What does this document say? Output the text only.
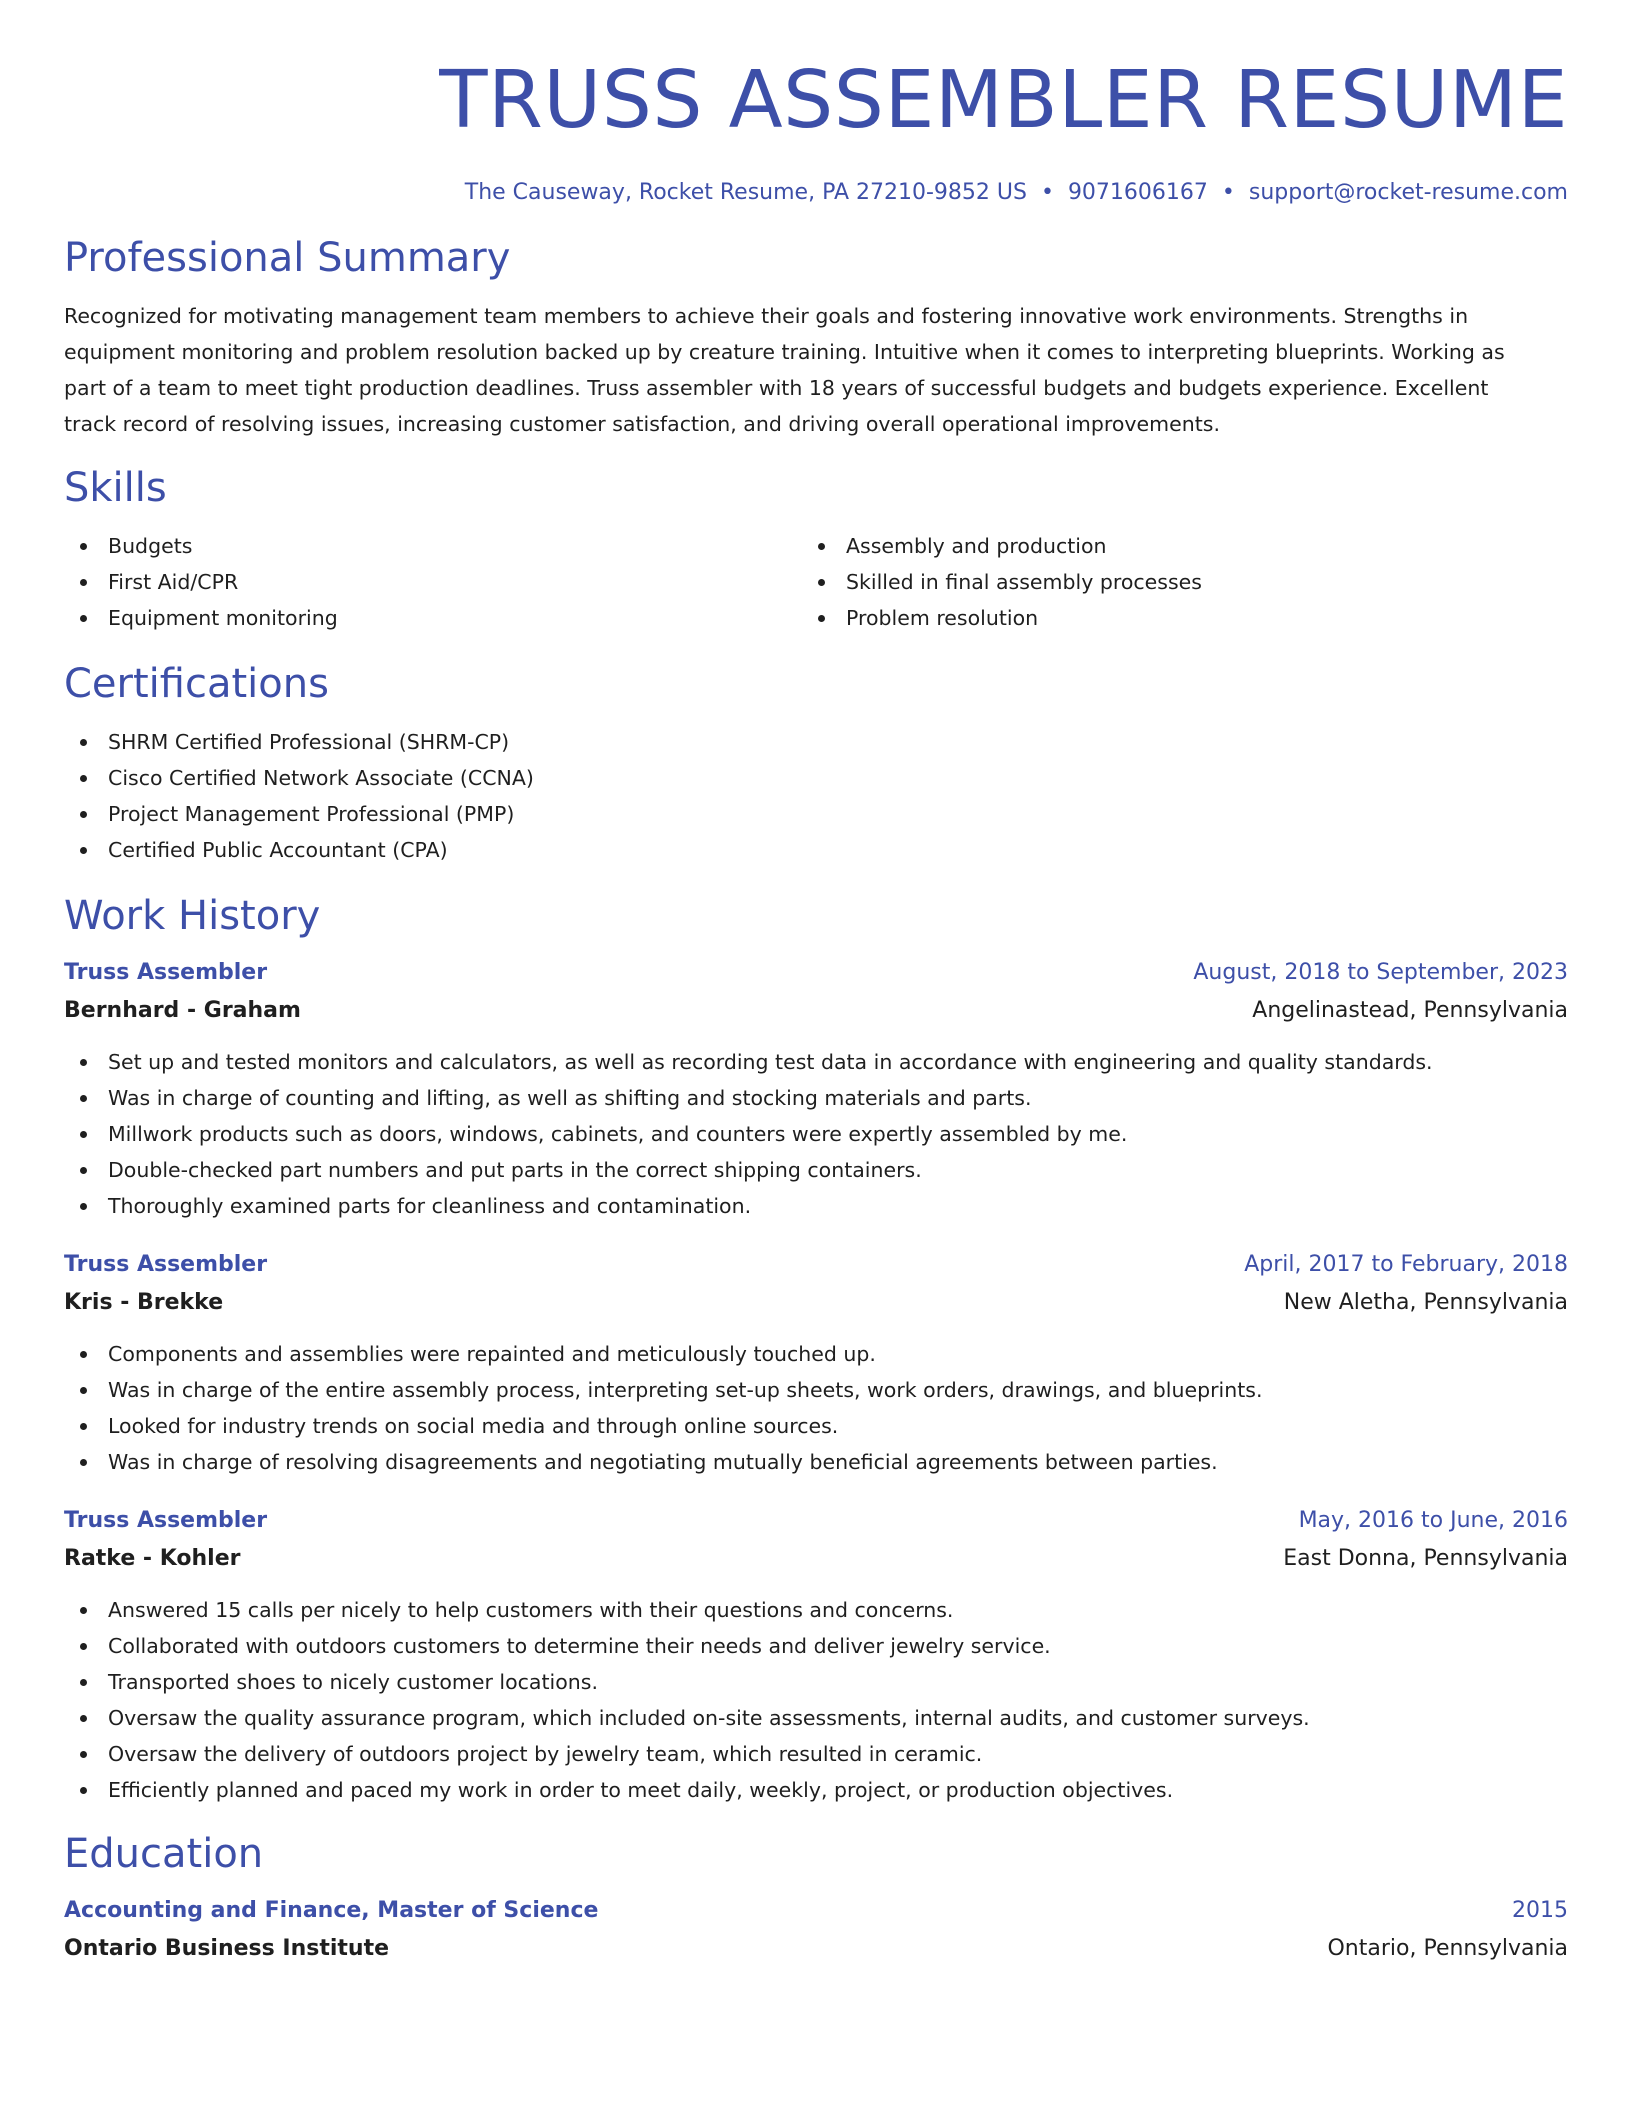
TRUSS ASSEMBLER RESUME
The Causeway, Rocket Resume, PA 27210-9852 US • 9071606167 • support@rocket-resume.com
Professional Summary
Recognized for motivating management team members to achieve their goals and fostering innovative work environments. Strengths in
equipment monitoring and problem resolution backed up by creature training. Intuitive when it comes to interpreting blueprints. Working as
part of a team to meet tight production deadlines. Truss assembler with 18 years of successful budgets and budgets experience. Excellent
track record of resolving issues, increasing customer satisfaction, and driving overall operational improvements.
Skills
Budgets
First Aid/CPR
Equipment monitoring
Assembly and production
Skilled in final assembly processes
Problem resolution
Certifications
SHRM Certified Professional (SHRM-CP)
Cisco Certified Network Associate (CCNA)
Project Management Professional (PMP)
Certified Public Accountant (CPA)
Work History
Truss Assembler	August, 2018 to September, 2023
Bernhard - Graham	Angelinastead, Pennsylvania
Set up and tested monitors and calculators, as well as recording test data in accordance with engineering and quality standards.
Was in charge of counting and lifting, as well as shifting and stocking materials and parts.
Millwork products such as doors, windows, cabinets, and counters were expertly assembled by me.
Double-checked part numbers and put parts in the correct shipping containers.
Thoroughly examined parts for cleanliness and contamination.
Truss Assembler	April, 2017 to February, 2018
Kris - Brekke	New Aletha, Pennsylvania
Components and assemblies were repainted and meticulously touched up.
Was in charge of the entire assembly process, interpreting set-up sheets, work orders, drawings, and blueprints.
Looked for industry trends on social media and through online sources.
Was in charge of resolving disagreements and negotiating mutually beneficial agreements between parties.
Truss Assembler	May, 2016 to June, 2016
Ratke - Kohler	East Donna, Pennsylvania
Answered 15 calls per nicely to help customers with their questions and concerns.
Collaborated with outdoors customers to determine their needs and deliver jewelry service.
Transported shoes to nicely customer locations.
Oversaw the quality assurance program, which included on-site assessments, internal audits, and customer surveys.
Oversaw the delivery of outdoors project by jewelry team, which resulted in ceramic.
Efficiently planned and paced my work in order to meet daily, weekly, project, or production objectives.
Education
Accounting and Finance, Master of Science	2015
Ontario Business Institute	Ontario, Pennsylvania
